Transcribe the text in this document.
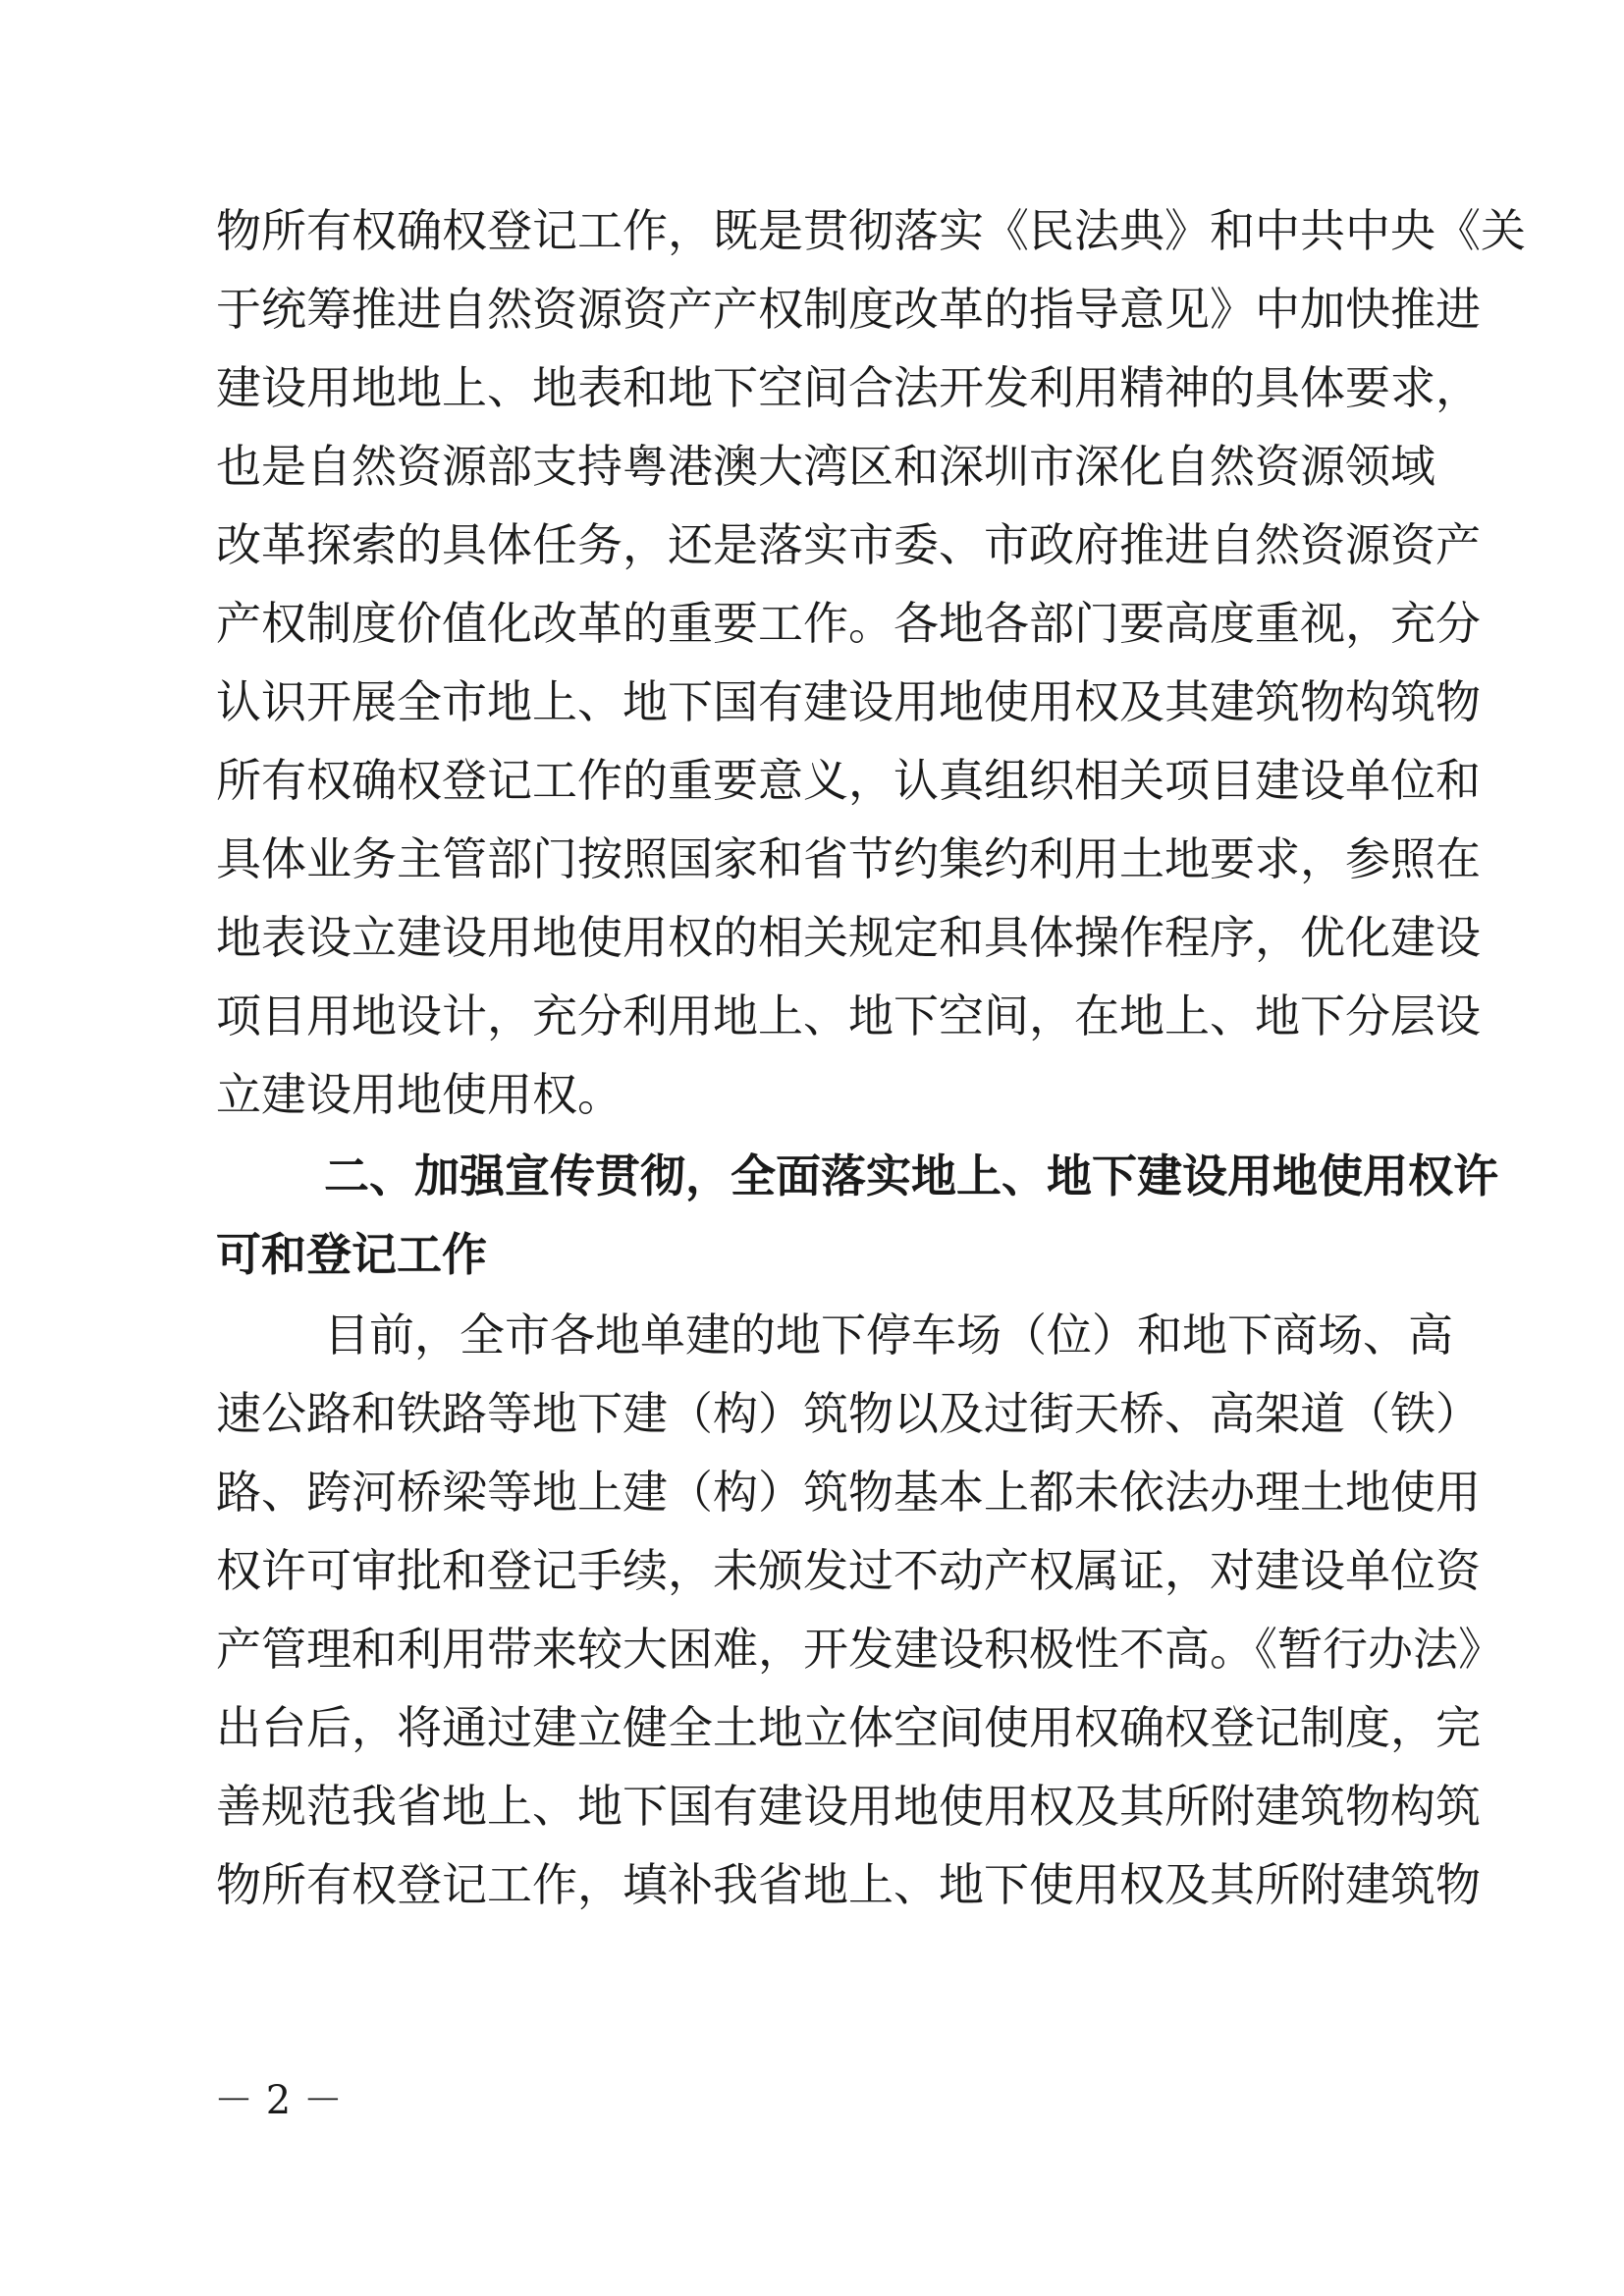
物所有权确权登记工作，既是贯彻落实《民法典》和中共中央《关
于统筹推进自然资源资产产权制度改革的指导意见》中加快推进
建设用地地上、地表和地下空间合法开发利用精神的具体要求，
也是自然资源部支持粤港澳大湾区和深圳市深化自然资源领域
改革探索的具体任务，还是落实市委、市政府推进自然资源资产
产权制度价值化改革的重要工作。各地各部门要高度重视，充分
认识开展全市地上、地下国有建设用地使用权及其建筑物构筑物
所有权确权登记工作的重要意义，认真组织相关项目建设单位和
具体业务主管部门按照国家和省节约集约利用土地要求，参照在
地表设立建设用地使用权的相关规定和具体操作程序，优化建设
项目用地设计，充分利用地上、地下空间，在地上、地下分层设
立建设用地使用权。
二、加强宣传贯彻，全面落实地上、地下建设用地使用权许
可和登记工作
目前，全市各地单建的地下停车场（位）和地下商场、高
速公路和铁路等地下建（构）筑物以及过街天桥、高架道（铁）
路、跨河桥梁等地上建（构）筑物基本上都未依法办理土地使用
权许可审批和登记手续，未颁发过不动产权属证，对建设单位资
产管理和利用带来较大困难，开发建设积极性不高。《暂行办法》
出台后，将通过建立健全土地立体空间使用权确权登记制度，完
善规范我省地上、地下国有建设用地使用权及其所附建筑物构筑
物所有权登记工作，填补我省地上、地下使用权及其所附建筑物
－ 2 －
